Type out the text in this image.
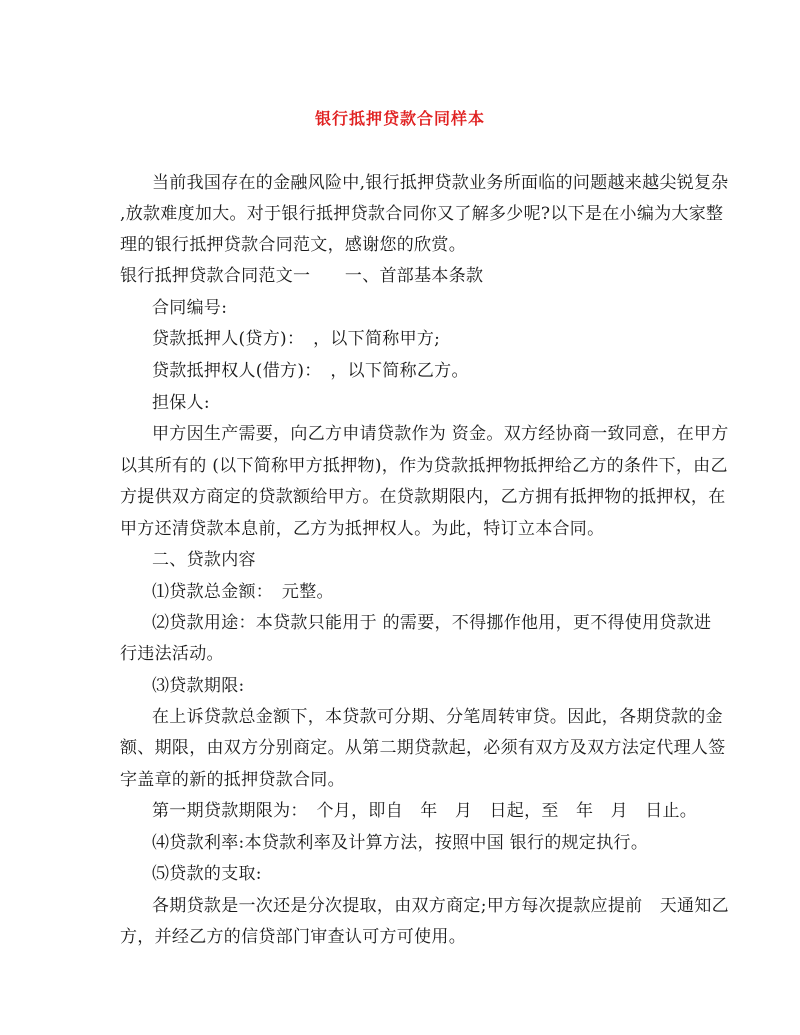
银行抵押贷款合同样本
当前我国存在的金融风险中,银行抵押贷款业务所面临的问题越来越尖锐复杂
,放款难度加大。对于银行抵押贷款合同你又了解多少呢?以下是在小编为大家整
理的银行抵押贷款合同范文，感谢您的欣赏。
银行抵押贷款合同范文一　　一、首部基本条款
合同编号:
贷款抵押人(贷方)：　，以下简称甲方;
贷款抵押权人(借方)：　，以下简称乙方。
担保人:
甲方因生产需要，向乙方申请贷款作为 资金。双方经协商一致同意，在甲方
以其所有的 (以下简称甲方抵押物)，作为贷款抵押物抵押给乙方的条件下，由乙
方提供双方商定的贷款额给甲方。在贷款期限内，乙方拥有抵押物的抵押权，在
甲方还清贷款本息前，乙方为抵押权人。为此，特订立本合同。
二、贷款内容
⑴贷款总金额：　元整。
⑵贷款用途：本贷款只能用于 的需要，不得挪作他用，更不得使用贷款进
行违法活动。
⑶贷款期限:
在上诉贷款总金额下，本贷款可分期、分笔周转审贷。因此，各期贷款的金
额、期限，由双方分别商定。从第二期贷款起，必须有双方及双方法定代理人签
字盖章的新的抵押贷款合同。
第一期贷款期限为：　个月，即自　年　月　日起，至　年　月　日止。
⑷贷款利率:本贷款利率及计算方法，按照中国 银行的规定执行。
⑸贷款的支取:
各期贷款是一次还是分次提取，由双方商定;甲方每次提款应提前　天通知乙
方，并经乙方的信贷部门审查认可方可使用。
